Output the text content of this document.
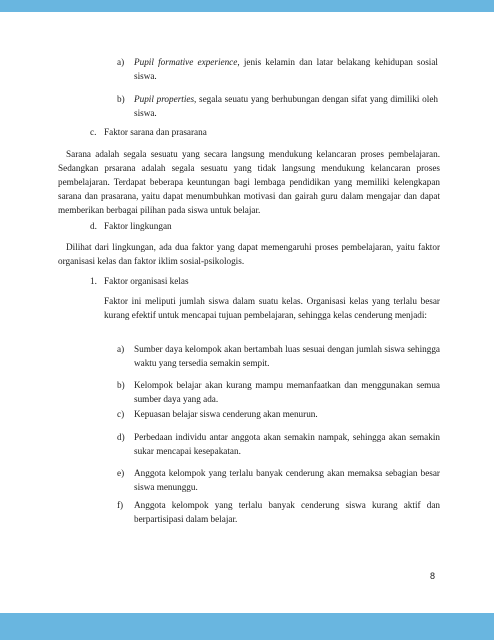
a) Pupil formative experience, jenis kelamin dan latar belakang kehidupan sosial siswa.
b) Pupil properties, segala seuatu yang berhubungan dengan sifat yang dimiliki oleh siswa.
c. Faktor sarana dan prasarana
Sarana adalah segala sesuatu yang secara langsung mendukung kelancaran proses pembelajaran. Sedangkan prsarana adalah segala sesuatu yang tidak langsung mendukung kelancaran proses pembelajaran. Terdapat beberapa keuntungan bagi lembaga pendidikan yang memiliki kelengkapan sarana dan prasarana, yaitu dapat menumbuhkan motivasi dan gairah guru dalam mengajar dan dapat memberikan berbagai pilihan pada siswa untuk belajar.
d. Faktor lingkungan
Dilihat dari lingkungan, ada dua faktor yang dapat memengaruhi proses pembelajaran, yaitu faktor organisasi kelas dan faktor iklim sosial-psikologis.
1. Faktor organisasi kelas
Faktor ini meliputi jumlah siswa dalam suatu kelas. Organisasi kelas yang terlalu besar kurang efektif untuk mencapai tujuan pembelajaran, sehingga kelas cenderung menjadi:
a) Sumber daya kelompok akan bertambah luas sesuai dengan jumlah siswa sehingga waktu yang tersedia semakin sempit.
b) Kelompok belajar akan kurang mampu memanfaatkan dan menggunakan semua sumber daya yang ada.
c) Kepuasan belajar siswa cenderung akan menurun.
d) Perbedaan individu antar anggota akan semakin nampak, sehingga akan semakin sukar mencapai kesepakatan.
e) Anggota kelompok yang terlalu banyak cenderung akan memaksa sebagian besar siswa menunggu.
f) Anggota kelompok yang terlalu banyak cenderung siswa kurang aktif dan berpartisipasi dalam belajar.
8
